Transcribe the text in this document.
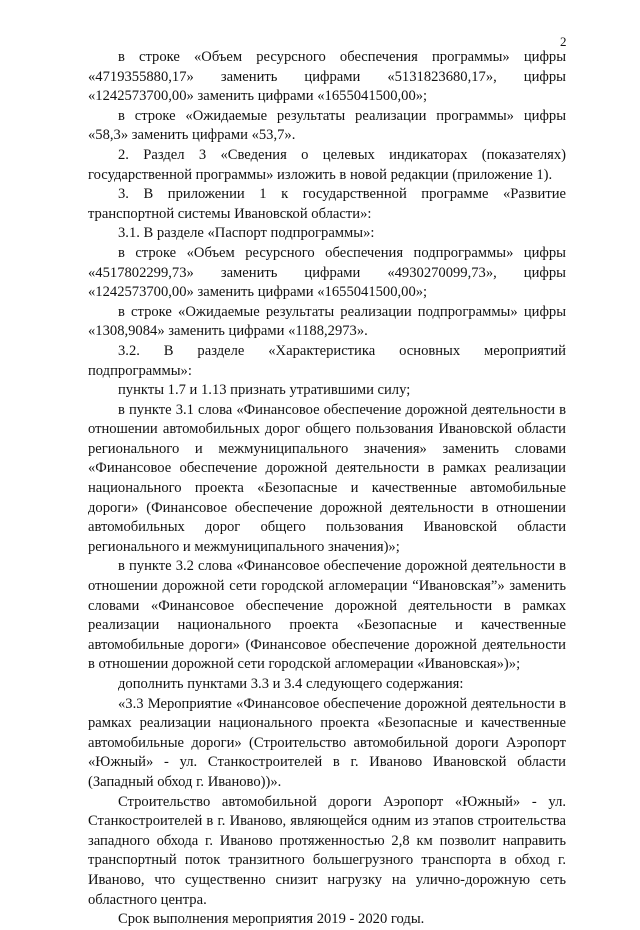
2

в строке «Объем ресурсного обеспечения программы» цифры «4719355880,17» заменить цифрами «5131823680,17», цифры «1242573700,00» заменить цифрами «1655041500,00»;

в строке «Ожидаемые результаты реализации программы» цифры «58,3» заменить цифрами «53,7».

2. Раздел 3 «Сведения о целевых индикаторах (показателях) государственной программы» изложить в новой редакции (приложение 1).

3. В приложении 1 к государственной программе «Развитие транспортной системы Ивановской области»:

3.1. В разделе «Паспорт подпрограммы»:

в строке «Объем ресурсного обеспечения подпрограммы» цифры «4517802299,73» заменить цифрами «4930270099,73», цифры «1242573700,00» заменить цифрами «1655041500,00»;

в строке «Ожидаемые результаты реализации подпрограммы» цифры «1308,9084» заменить цифрами «1188,2973».

3.2. В разделе «Характеристика основных мероприятий подпрограммы»:

пункты 1.7 и 1.13 признать утратившими силу;

в пункте 3.1 слова «Финансовое обеспечение дорожной деятельности в отношении автомобильных дорог общего пользования Ивановской области регионального и межмуниципального значения» заменить словами «Финансовое обеспечение дорожной деятельности в рамках реализации национального проекта «Безопасные и качественные автомобильные дороги» (Финансовое обеспечение дорожной деятельности в отношении автомобильных дорог общего пользования Ивановской области регионального и межмуниципального значения)»;

в пункте 3.2 слова «Финансовое обеспечение дорожной деятельности в отношении дорожной сети городской агломерации “Ивановская”» заменить словами «Финансовое обеспечение дорожной деятельности в рамках реализации национального проекта «Безопасные и качественные автомобильные дороги» (Финансовое обеспечение дорожной деятельности в отношении дорожной сети городской агломерации «Ивановская»)»;

дополнить пунктами 3.3 и 3.4 следующего содержания:

«3.3 Мероприятие «Финансовое обеспечение дорожной деятельности в рамках реализации национального проекта «Безопасные и качественные автомобильные дороги» (Строительство автомобильной дороги Аэропорт «Южный» - ул. Станкостроителей в г. Иваново Ивановской области (Западный обход г. Иваново))».

Строительство автомобильной дороги Аэропорт «Южный» - ул. Станкостроителей в г. Иваново, являющейся одним из этапов строительства западного обхода г. Иваново протяженностью 2,8 км позволит направить транспортный поток транзитного большегрузного транспорта в обход г. Иваново, что существенно снизит нагрузку на улично-дорожную сеть областного центра.

Срок выполнения мероприятия 2019 - 2020 годы.
